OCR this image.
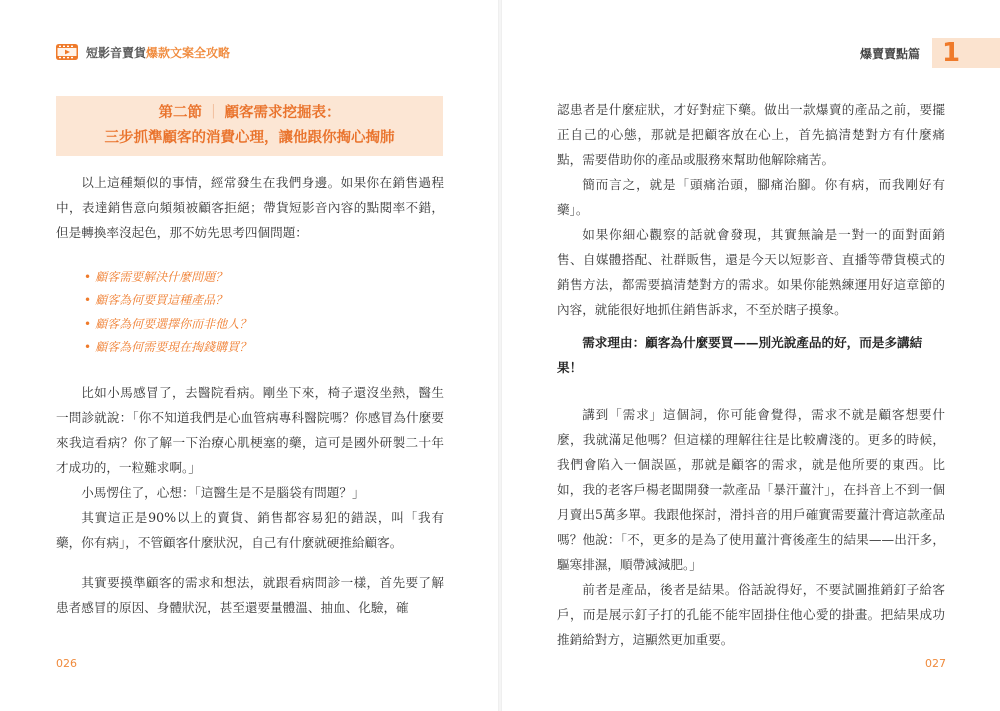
短影音賣貨 爆款文案全攻略	爆賣賣點篇 1
第二節 ｜ 顧客需求挖掘表：
三步抓準顧客的消費心理，讓他跟你掏心掏肺

以上這種類似的事情，經常發生在我們身邊。如果你在銷售過程中，表達銷售意向頻頻被顧客拒絕；帶貨短影音內容的點閱率不錯，但是轉換率沒起色，那不妨先思考四個問題：

• 顧客需要解決什麼問題？
• 顧客為何要買這種產品？
• 顧客為何要選擇你而非他人？
• 顧客為何需要現在掏錢購買？

比如小馬感冒了，去醫院看病。剛坐下來，椅子還沒坐熱，醫生一問診就說：「你不知道我們是心血管病專科醫院嗎？你感冒為什麼要來我這看病？你了解一下治療心肌梗塞的藥，這可是國外研製二十年才成功的，一粒難求啊。」

小馬愣住了，心想：「這醫生是不是腦袋有問題？」

其實這正是90%以上的賣貨、銷售都容易犯的錯誤，叫「我有藥，你有病」，不管顧客什麼狀況，自己有什麼就硬推給顧客。

其實要摸準顧客的需求和想法，就跟看病問診一樣，首先要了解患者感冒的原因、身體狀況，甚至還要量體溫、抽血、化驗，確

026

認患者是什麼症狀，才好對症下藥。做出一款爆賣的產品之前，要擺正自己的心態，那就是把顧客放在心上，首先搞清楚對方有什麼痛點，需要借助你的產品或服務來幫助他解除痛苦。

簡而言之，就是「頭痛治頭，腳痛治腳。你有病，而我剛好有藥」。

如果你細心觀察的話就會發現，其實無論是一對一的面對面銷售、自媒體搭配、社群販售，還是今天以短影音、直播等帶貨模式的銷售方法，都需要搞清楚對方的需求。如果你能熟練運用好這章節的內容，就能很好地抓住銷售訴求，不至於瞎子摸象。

需求理由：顧客為什麼要買——別光說產品的好，而是多講結果！

講到「需求」這個詞，你可能會覺得，需求不就是顧客想要什麼，我就滿足他嗎？但這樣的理解往往是比較膚淺的。更多的時候，我們會陷入一個誤區，那就是顧客的需求，就是他所要的東西。比如，我的老客戶楊老闆開發一款產品「暴汗薑汁」，在抖音上不到一個月賣出5萬多單。我跟他探討，滑抖音的用戶確實需要薑汁膏這款產品嗎？他說：「不，更多的是為了使用薑汁膏後產生的結果——出汗多，驅寒排濕，順帶減減肥。」

前者是產品，後者是結果。俗話說得好，不要試圖推銷釘子給客戶，而是展示釘子打的孔能不能牢固掛住他心愛的掛畫。把結果成功推銷給對方，這顯然更加重要。

027
